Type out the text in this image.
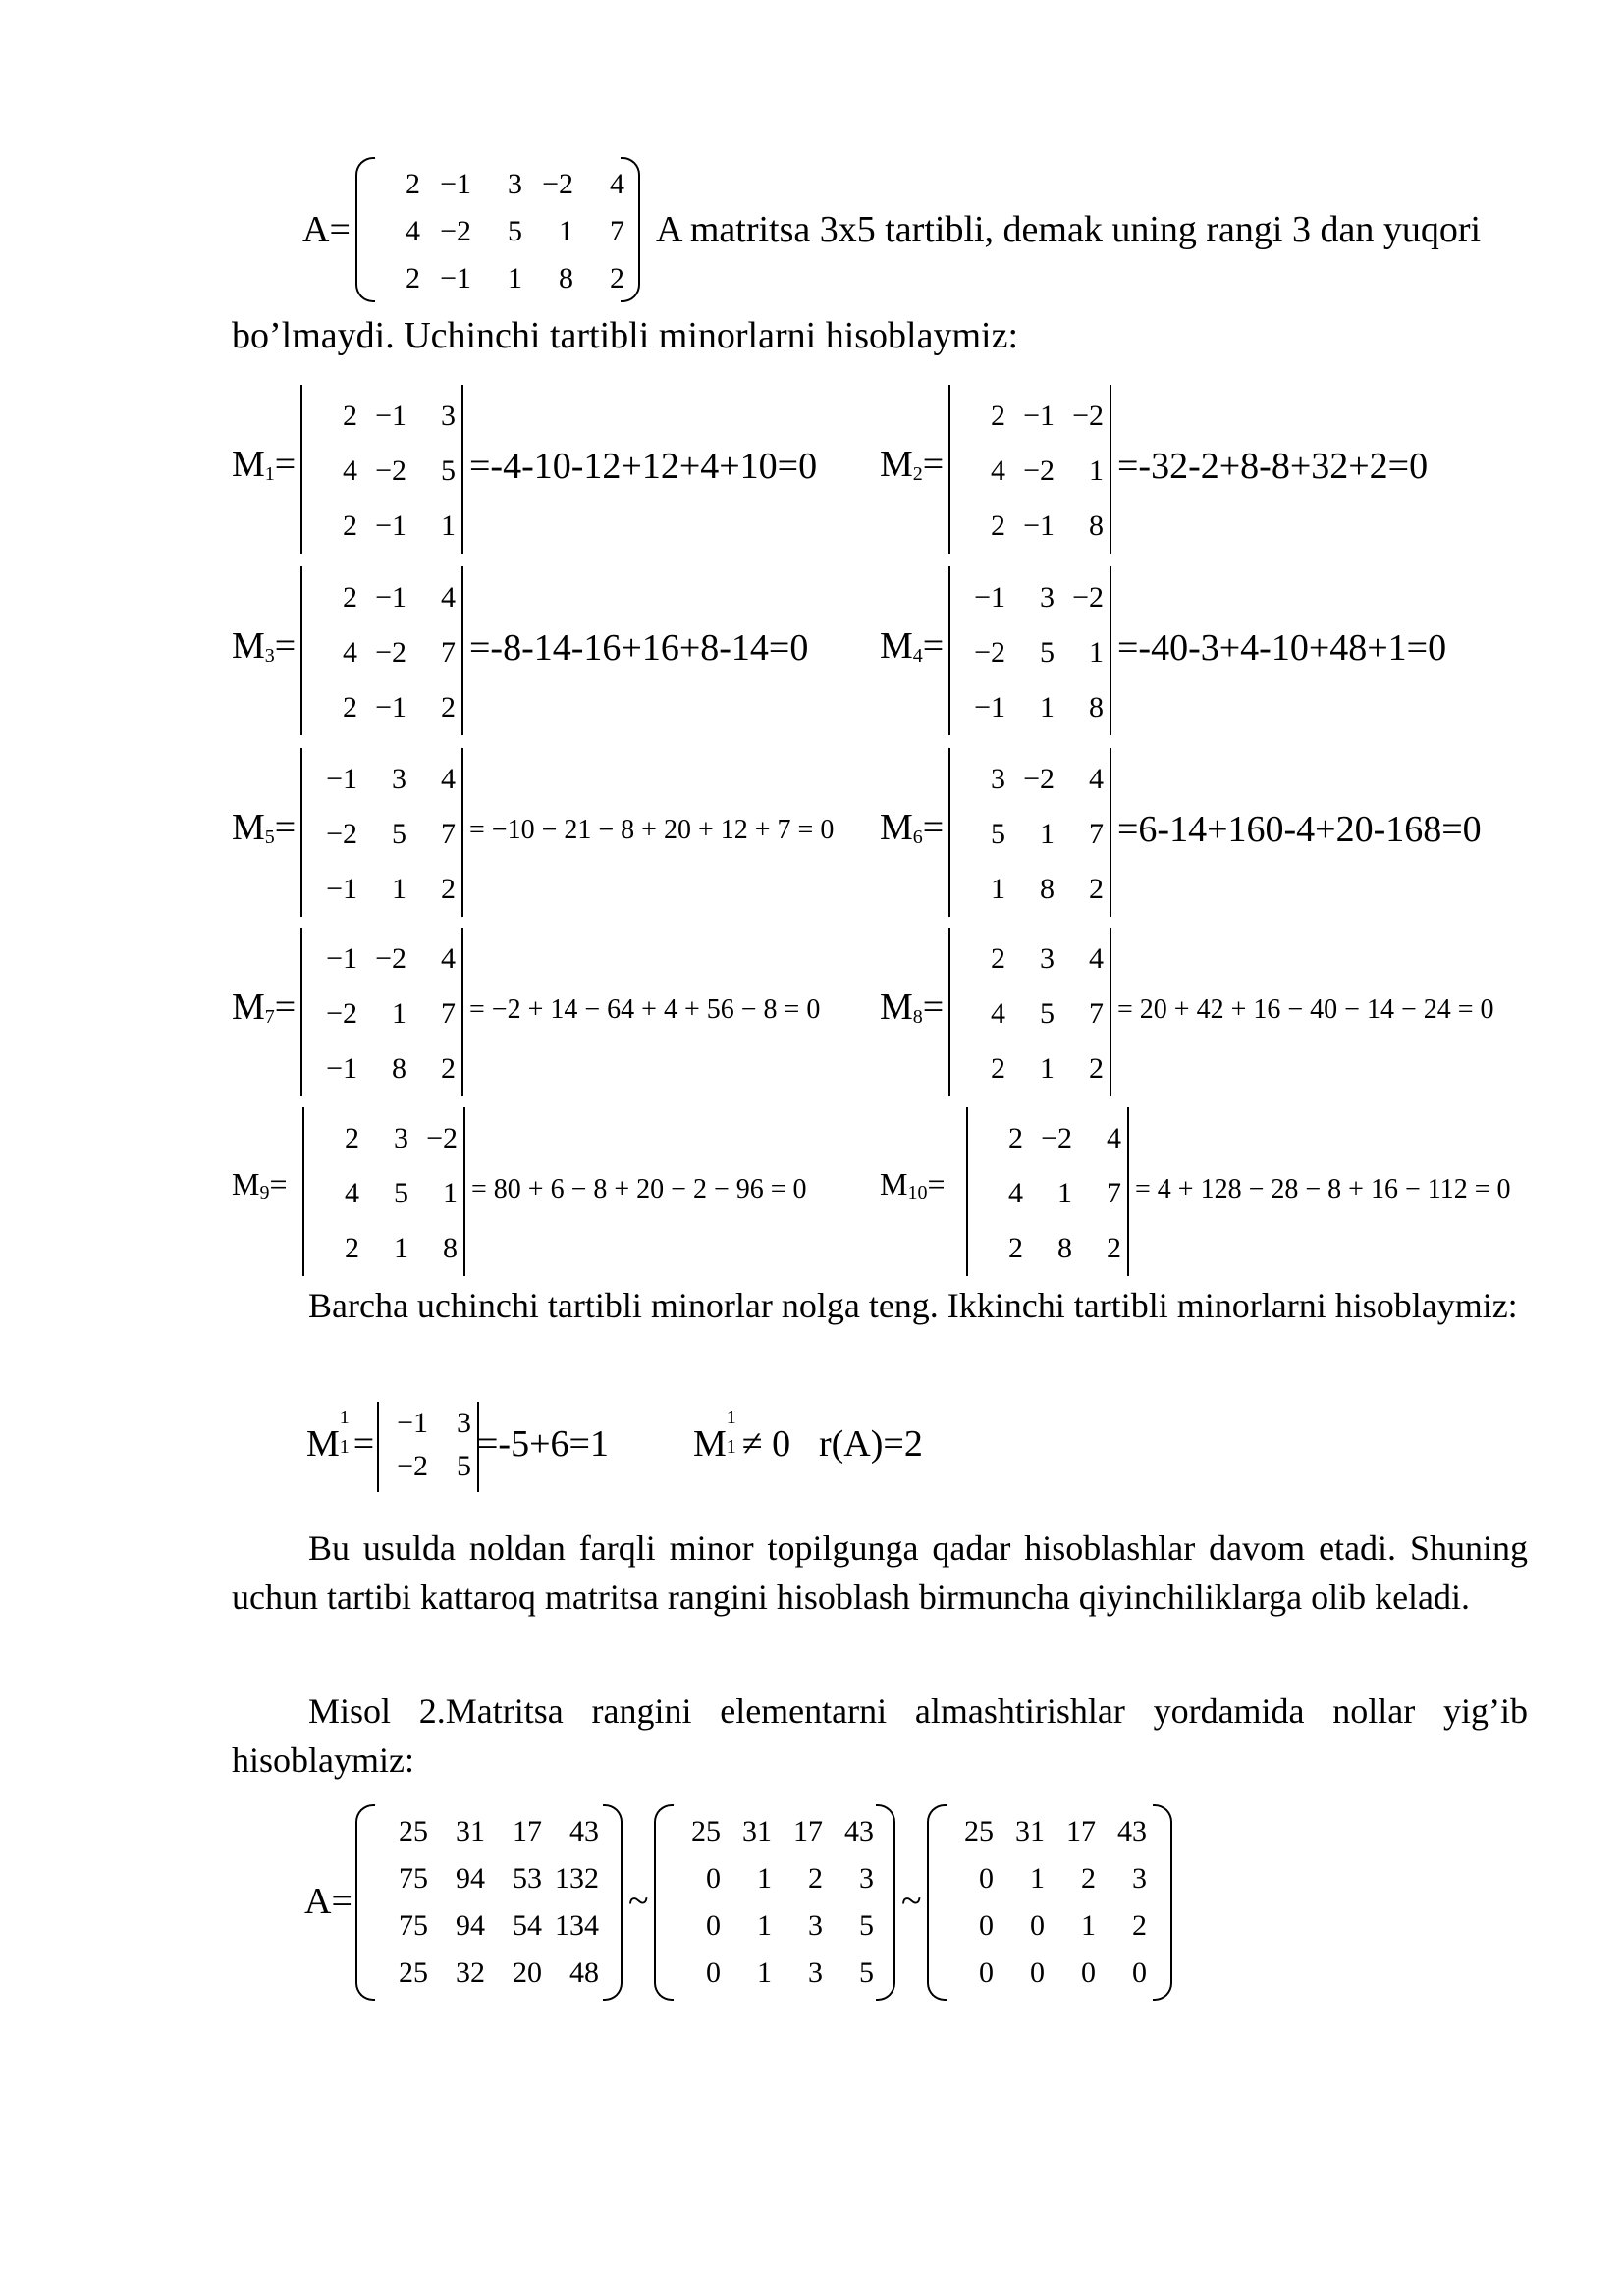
A=
2	−1	3	−2	4
4	−2	5	1	7
2	−1	1	8	2
A matritsa 3x5 tartibli, demak uning rangi 3 dan yuqori
bo’lmaydi. Uchinchi tartibli minorlarni hisoblaymiz:
$M_1=$
2	−1	3
4	−2	5
2	−1	1
=-4-10-12+12+4+10=0 $M_2=$
2	−1	−2
4	−2	1
2	−1	8
=-32-2+8-8+32+2=0
$M_3=$
2	−1	4
4	−2	7
2	−1	2
=-8-14-16+16+8-14=0 $M_4=$
−1	3	−2
−2	5	1
−1	1	8
=-40-3+4-10+48+1=0
$M_5=$
−1	3	4
−2	5	7
−1	1	2
= −10 − 21 − 8 + 20 + 12 + 7 = 0 $M_6=$
3	−2	4
5	1	7
1	8	2
=6-14+160-4+20-168=0
$M_7=$
−1	−2	4
−2	1	7
−1	8	2
= −2 + 14 − 64 + 4 + 56 − 8 = 0 $M_8=$
2	3	4
4	5	7
2	1	2
= 20 + 42 + 16 − 40 − 14 − 24 = 0
$M_9=$
2	3	−2
4	5	1
2	1	8
= 80 + 6 − 8 + 20 − 2 − 96 = 0 $M_{10}=$
2	−2	4
4	1	7
2	8	2
= 4 + 128 − 28 − 8 + 16 − 112 = 0
Barcha uchinchi tartibli minorlar nolga teng. Ikkinchi tartibli minorlarni hisoblaymiz:
M
1
1 =
−1	3
−2	5
=-5+6=1 M
1
1 ≠ 0 r(A)=2
Bu usulda noldan farqli minor topilgunga qadar hisoblashlar davom etadi. Shuning uchun tartibi kattaroq matritsa rangini hisoblash birmuncha qiyinchiliklarga olib keladi.
Misol 2.Matritsa rangini elementarni almashtirishlar yordamida nollar yig’ib hisoblaymiz:
A=
25	31	17	43
75	94	53	132
75	94	54	134
25	32	20	48
~
25	31	17	43
0	1	2	3
0	1	3	5
0	1	3	5
~
25	31	17	43
0	1	2	3
0	0	1	2
0	0	0	0
